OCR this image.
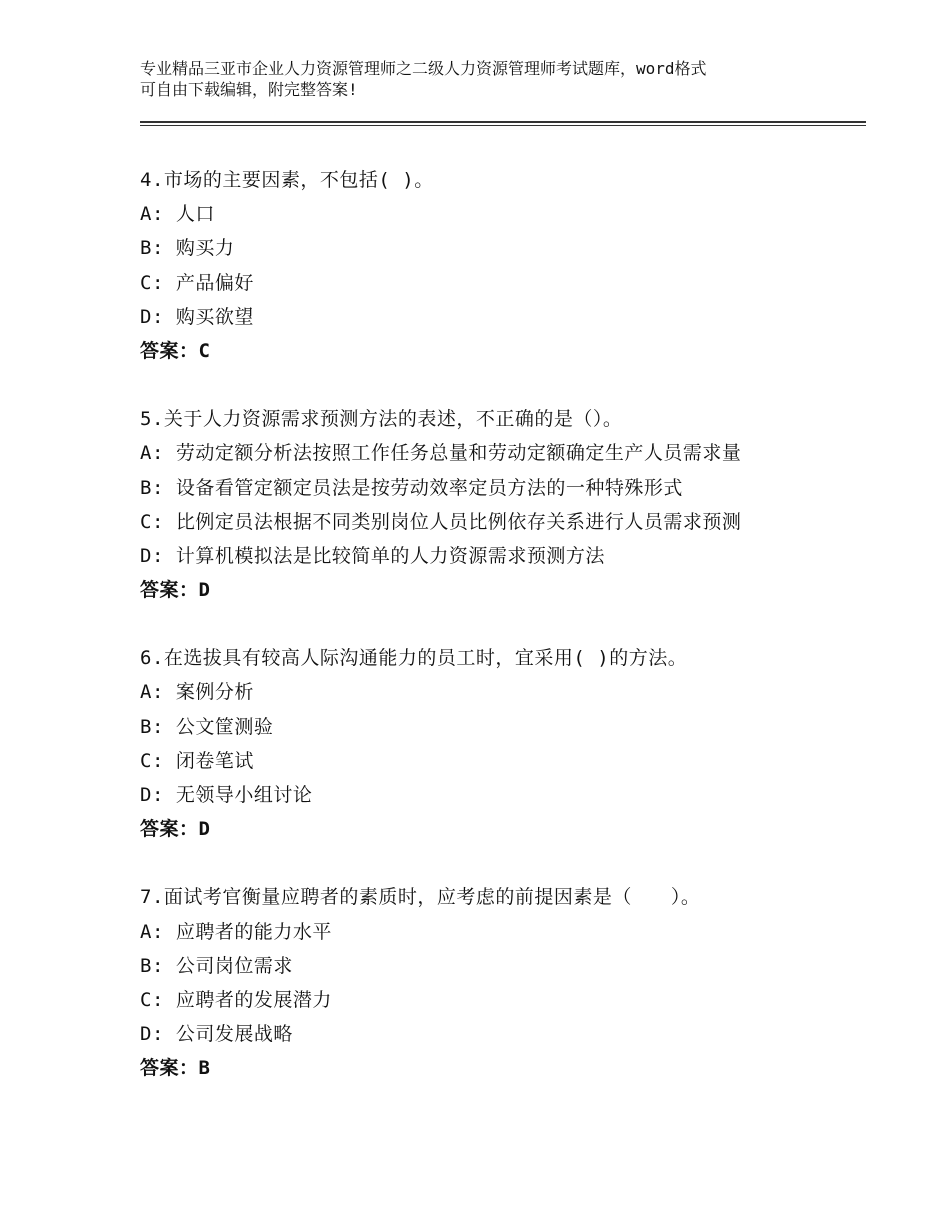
专业精品三亚市企业人力资源管理师之二级人力资源管理师考试题库，word格式
可自由下载编辑，附完整答案!
4.市场的主要因素，不包括( )。
A: 人口
B: 购买力
C: 产品偏好
D: 购买欲望
答案：C
5.关于人力资源需求预测方法的表述，不正确的是（）。
A: 劳动定额分析法按照工作任务总量和劳动定额确定生产人员需求量
B: 设备看管定额定员法是按劳动效率定员方法的一种特殊形式
C: 比例定员法根据不同类别岗位人员比例依存关系进行人员需求预测
D: 计算机模拟法是比较简单的人力资源需求预测方法
答案：D
6.在选拔具有较高人际沟通能力的员工时，宜采用( )的方法。
A: 案例分析
B: 公文筐测验
C: 闭卷笔试
D: 无领导小组讨论
答案：D
7.面试考官衡量应聘者的素质时，应考虑的前提因素是（　　）。
A: 应聘者的能力水平
B: 公司岗位需求
C: 应聘者的发展潜力
D: 公司发展战略
答案：B
